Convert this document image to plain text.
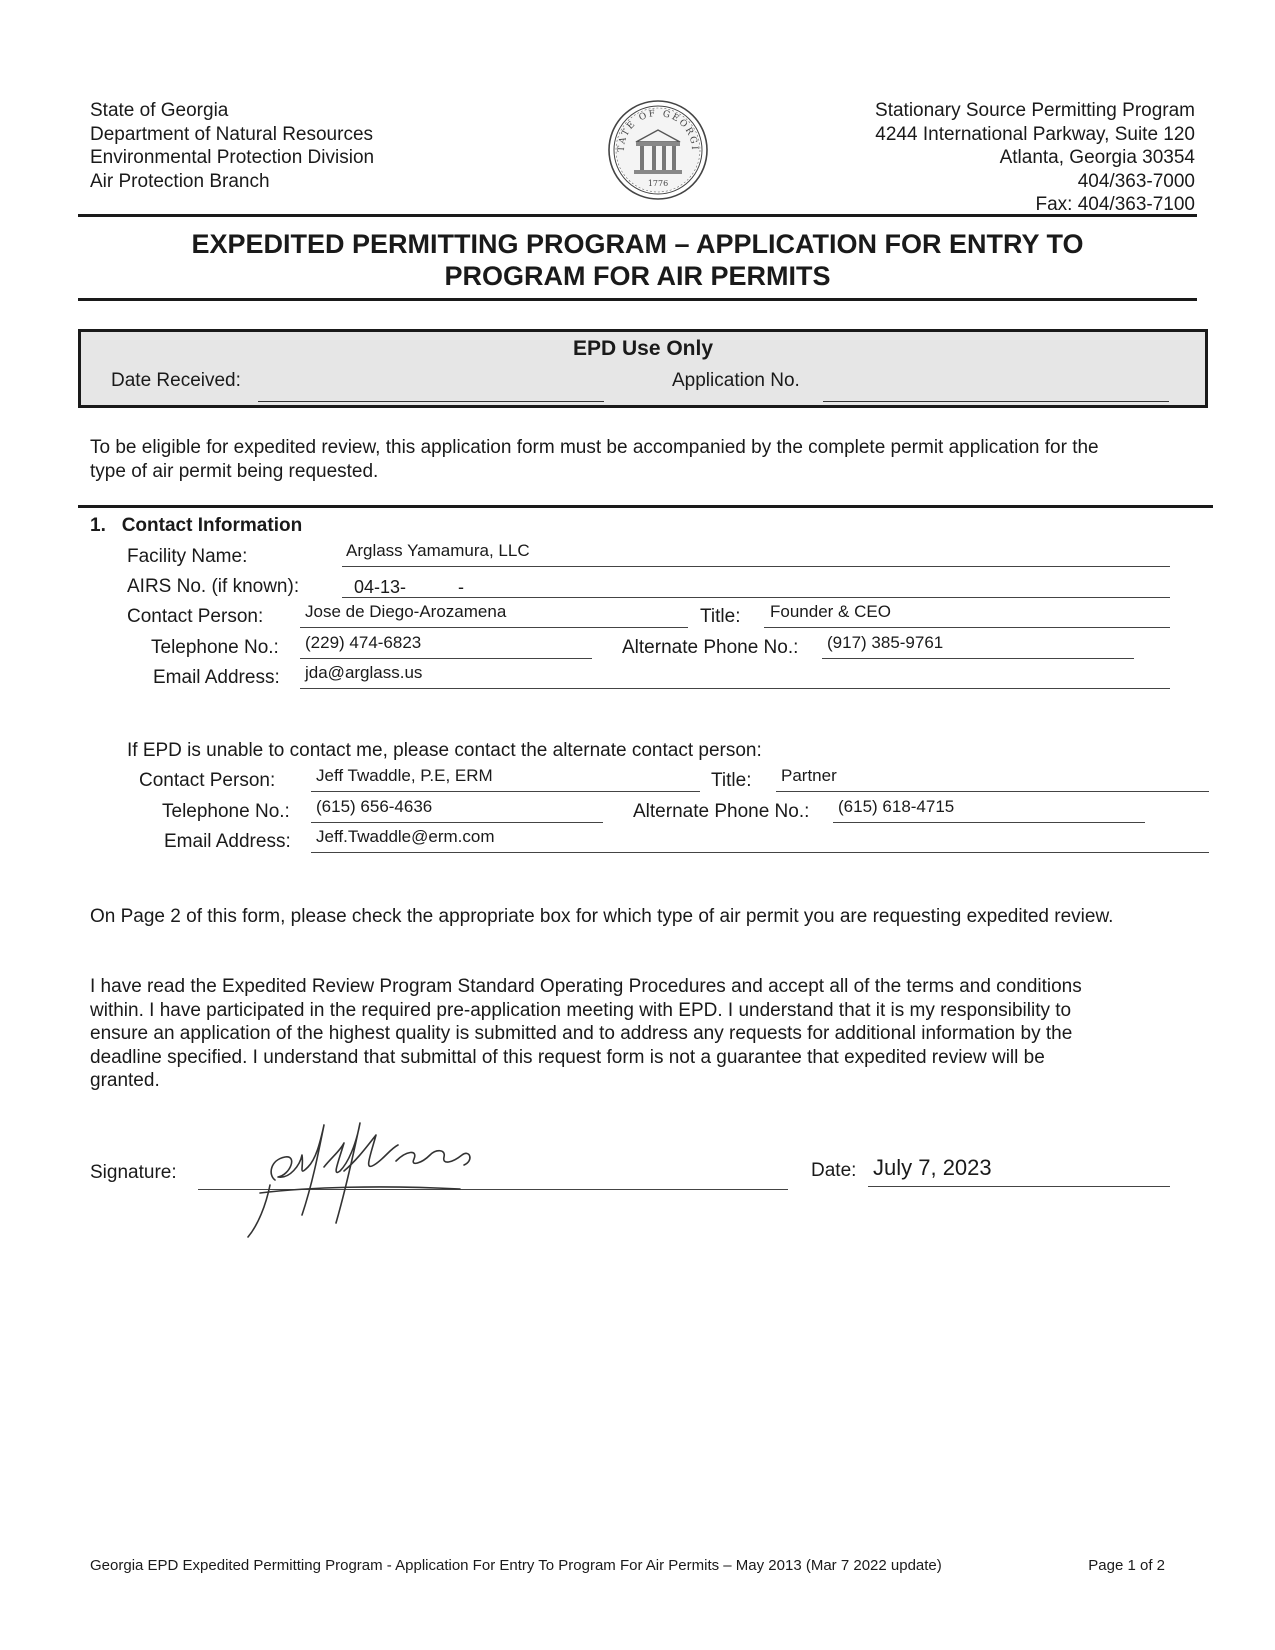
State of Georgia
Department of Natural Resources
Environmental Protection Division
Air Protection Branch
TATE OF GEORGI
1776
Stationary Source Permitting Program
4244 International Parkway, Suite 120
Atlanta, Georgia 30354
404/363-7000
Fax: 404/363-7100
EXPEDITED PERMITTING PROGRAM – APPLICATION FOR ENTRY TO
PROGRAM FOR AIR PERMITS
EPD Use Only
Date Received:	Application No.
To be eligible for expedited review, this application form must be accompanied by the complete permit application for the
type of air permit being requested.
1. Contact Information
Facility Name:	Arglass Yamamura, LLC
AIRS No. (if known):	04-13-	-
Contact Person: Jose de Diego-Arozamena	Title: Founder & CEO
Telephone No.: (229) 474-6823	Alternate Phone No.: (917) 385-9761
Email Address: jda@arglass.us
If EPD is unable to contact me, please contact the alternate contact person:
Contact Person: Jeff Twaddle, P.E, ERM	Title: Partner
Telephone No.: (615) 656-4636	Alternate Phone No.: (615) 618-4715
Email Address: Jeff.Twaddle@erm.com
On Page 2 of this form, please check the appropriate box for which type of air permit you are requesting expedited review.
I have read the Expedited Review Program Standard Operating Procedures and accept all of the terms and conditions
within. I have participated in the required pre-application meeting with EPD. I understand that it is my responsibility to
ensure an application of the highest quality is submitted and to address any requests for additional information by the
deadline specified. I understand that submittal of this request form is not a guarantee that expedited review will be
granted.
Signature:	Date: July 7, 2023
Georgia EPD Expedited Permitting Program - Application For Entry To Program For Air Permits – May 2013 (Mar 7 2022 update)	Page 1 of 2
